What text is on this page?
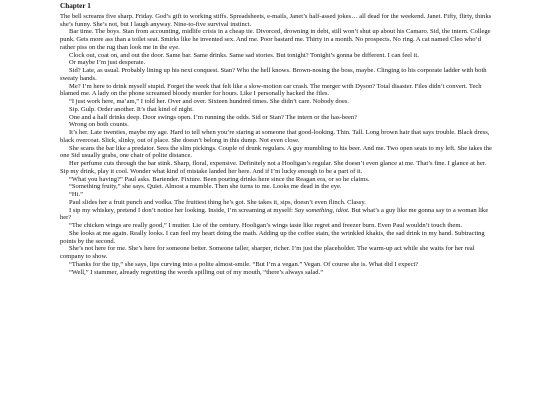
Chapter 1

The bell screams five sharp. Friday. God’s gift to working stiffs. Spreadsheets, e-mails, Janet’s half-assed jokes… all dead for the weekend. Janet. Fifty, flirty, thinks she’s funny. She’s not, but I laugh anyway. Nine-to-five survival instinct.

Bar time. The boys. Stan from accounting, midlife crisis in a cheap tie. Divorced, drowning in debt, still won’t shut up about his Camaro. Sid, the intern. College punk. Gets more ass than a toilet seat. Smirks like he invented sex. And me. Poor bastard me. Thirty in a month. No prospects. No ring. A cat named Cleo who’d rather piss on the rug than look me in the eye.

Clock out, coat on, and out the door. Same bar. Same drinks. Same sad stories. But tonight? Tonight’s gonna be different. I can feel it.

Or maybe I’m just desperate.

Sid? Late, as usual. Probably lining up his next conquest. Stan? Who the hell knows. Brown-nosing the boss, maybe. Clinging to his corporate ladder with both sweaty hands.

Me? I’m here to drink myself stupid. Forget the week that felt like a slow-motion car crash. The merger with Dyson? Total disaster. Files didn’t convert. Tech blamed me. A lady on the phone screamed bloody murder for hours. Like I personally hacked the files.

“I just work here, ma’am,” I told her. Over and over. Sixteen hundred times. She didn’t care. Nobody does.

Sip. Gulp. Order another. It’s that kind of night.

One and a half drinks deep. Door swings open. I’m running the odds. Sid or Stan? The intern or the has-been?

Wrong on both counts.

It’s her. Late twenties, maybe my age. Hard to tell when you’re staring at someone that good-looking. Thin. Tall. Long brown hair that says trouble. Black dress, black overcoat. Slick, slinky, out of place. She doesn’t belong in this dump. Not even close.

She scans the bar like a predator. Sees the slim pickings. Couple of drunk regulars. A guy mumbling to his beer. And me. Two open seats to my left. She takes the one Sid usually grabs, one chair of polite distance.

Her perfume cuts through the bar stink. Sharp, floral, expensive. Definitely not a Hooligan’s regular. She doesn’t even glance at me. That’s fine. I glance at her. Sip my drink, play it cool. Wonder what kind of mistake landed her here. And if I’m lucky enough to be a part of it.

“What you having?” Paul asks. Bartender. Fixture. Been pouring drinks here since the Reagan era, or so he claims.

“Something fruity,” she says. Quiet. Almost a mumble. Then she turns to me. Looks me dead in the eye.

“Hi.”

Paul slides her a fruit punch and vodka. The fruitiest thing he’s got. She takes it, sips, doesn’t even flinch. Classy.

I sip my whiskey, pretend I don’t notice her looking. Inside, I’m screaming at myself: Say something, idiot. But what’s a guy like me gonna say to a woman like her?

“The chicken wings are really good,” I mutter. Lie of the century. Hooligan’s wings taste like regret and freezer burn. Even Paul wouldn’t touch them.

She looks at me again. Really looks. I can feel my heart doing the math. Adding up the coffee stain, the wrinkled khakis, the sad drink in my hand. Subtracting points by the second.

She’s not here for me. She’s here for someone better. Someone taller, sharper, richer. I’m just the placeholder. The warm-up act while she waits for her real company to show.

“Thanks for the tip,” she says, lips curving into a polite almost-smile. “But I’m a vegan.” Vegan. Of course she is. What did I expect?

“Well,” I stammer, already regretting the words spilling out of my mouth, “there’s always salad.”
